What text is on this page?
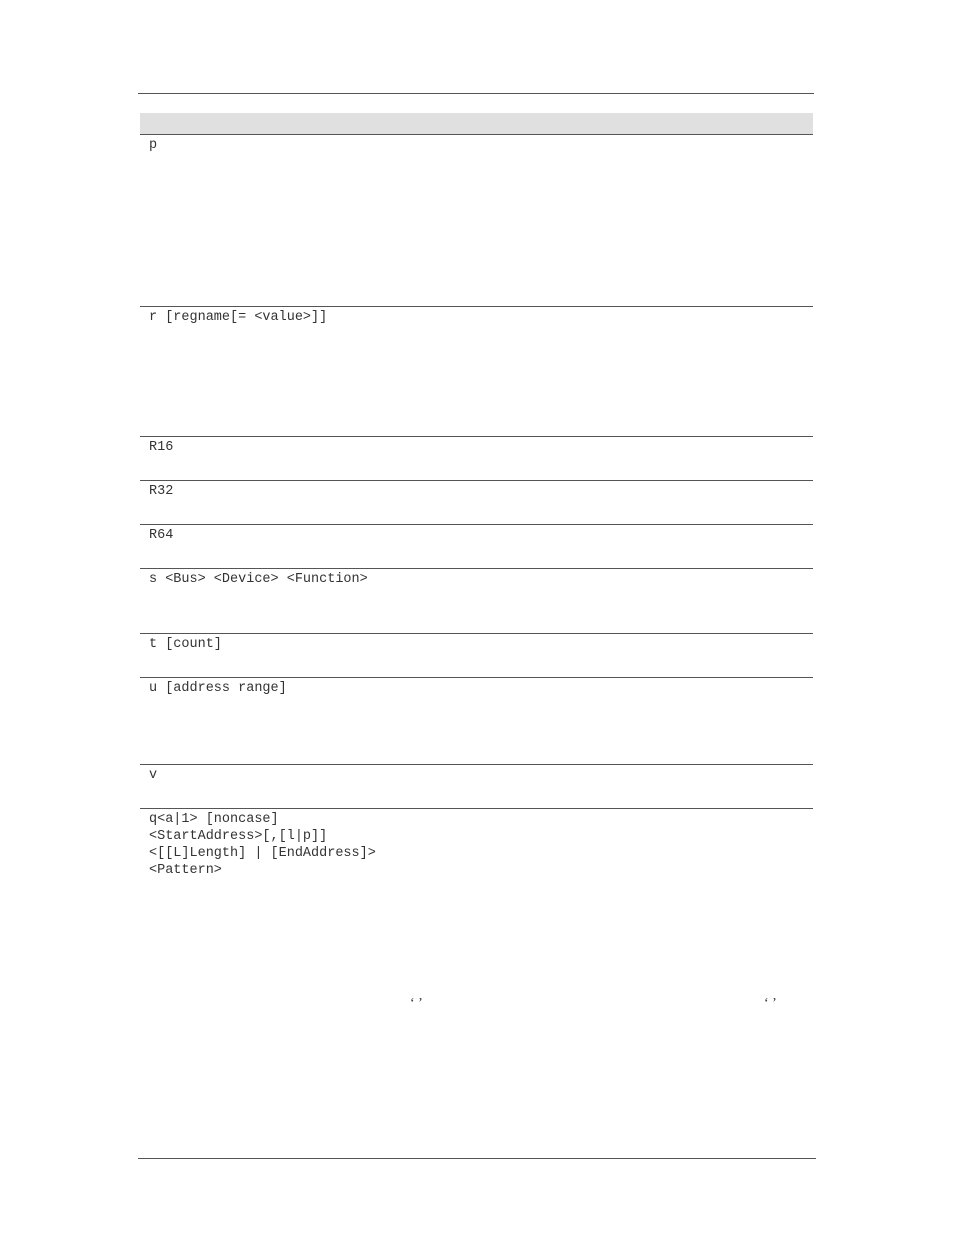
p
r [regname[= <value>]]
R16
R32
R64
s <Bus> <Device> <Function>
t [count]
u [address range]
v
q<a|1> [noncase]
<StartAddress>[,[l|p]]
<[[L]Length] | [EndAddress]>
<Pattern>
‘ ’	‘ ’
